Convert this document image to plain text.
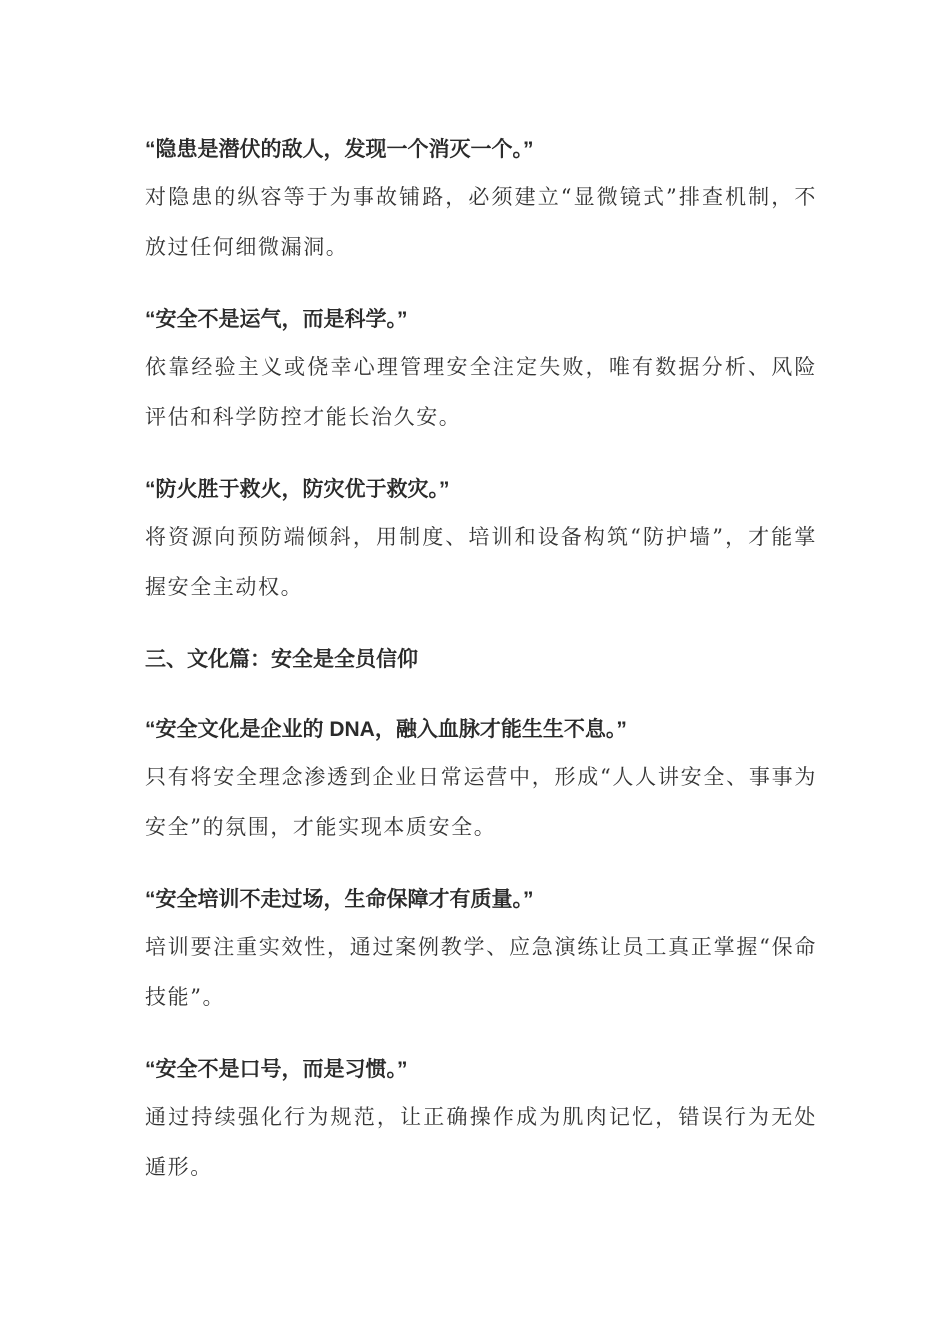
“隐患是潜伏的敌人，发现一个消灭一个。”

对隐患的纵容等于为事故铺路，必须建立“显微镜式”排查机制，不放过任何细微漏洞。

“安全不是运气，而是科学。”

依靠经验主义或侥幸心理管理安全注定失败，唯有数据分析、风险评估和科学防控才能长治久安。

“防火胜于救火，防灾优于救灾。”

将资源向预防端倾斜，用制度、培训和设备构筑“防护墙”，才能掌握安全主动权。

三、文化篇：安全是全员信仰

“安全文化是企业的 DNA，融入血脉才能生生不息。”

只有将安全理念渗透到企业日常运营中，形成“人人讲安全、事事为安全”的氛围，才能实现本质安全。

“安全培训不走过场，生命保障才有质量。”

培训要注重实效性，通过案例教学、应急演练让员工真正掌握“保命技能”。

“安全不是口号，而是习惯。”

通过持续强化行为规范，让正确操作成为肌肉记忆，错误行为无处遁形。
